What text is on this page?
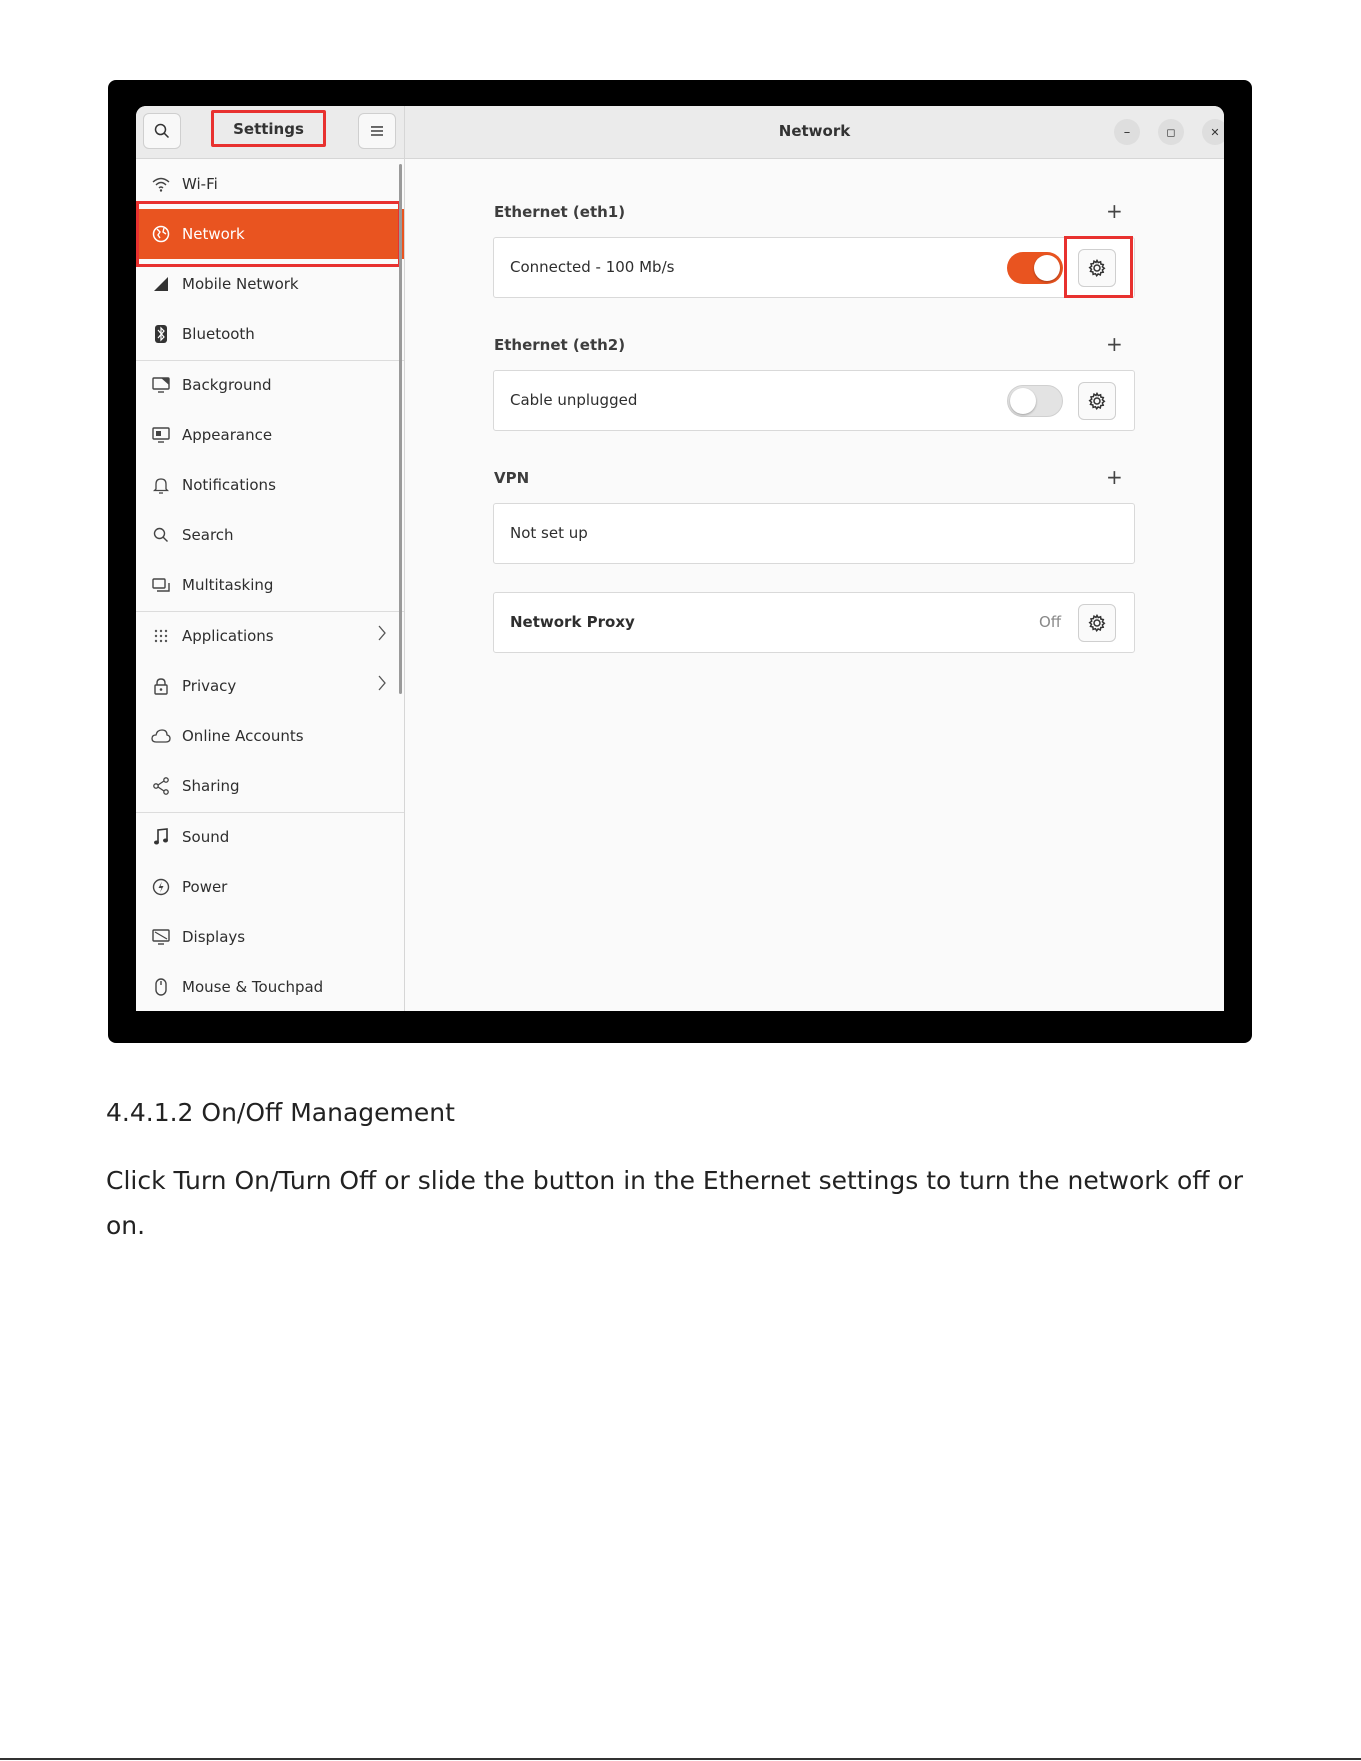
Settings	Network	–	◻	✕
Wi-Fi
Network
Mobile Network
Bluetooth
Background
Appearance
Notifications
Search
Multitasking
Applications
Privacy
Online Accounts
Sharing
Sound
Power
Displays
Mouse & Touchpad
Ethernet (eth1)	+
Connected - 100 Mb/s
Ethernet (eth2)	+
Cable unplugged
VPN	+
Not set up
Network Proxy	Off
4.4.1.2 On/Off Management
Click Turn On/Turn Off or slide the button in the Ethernet settings to turn the network off or on.
